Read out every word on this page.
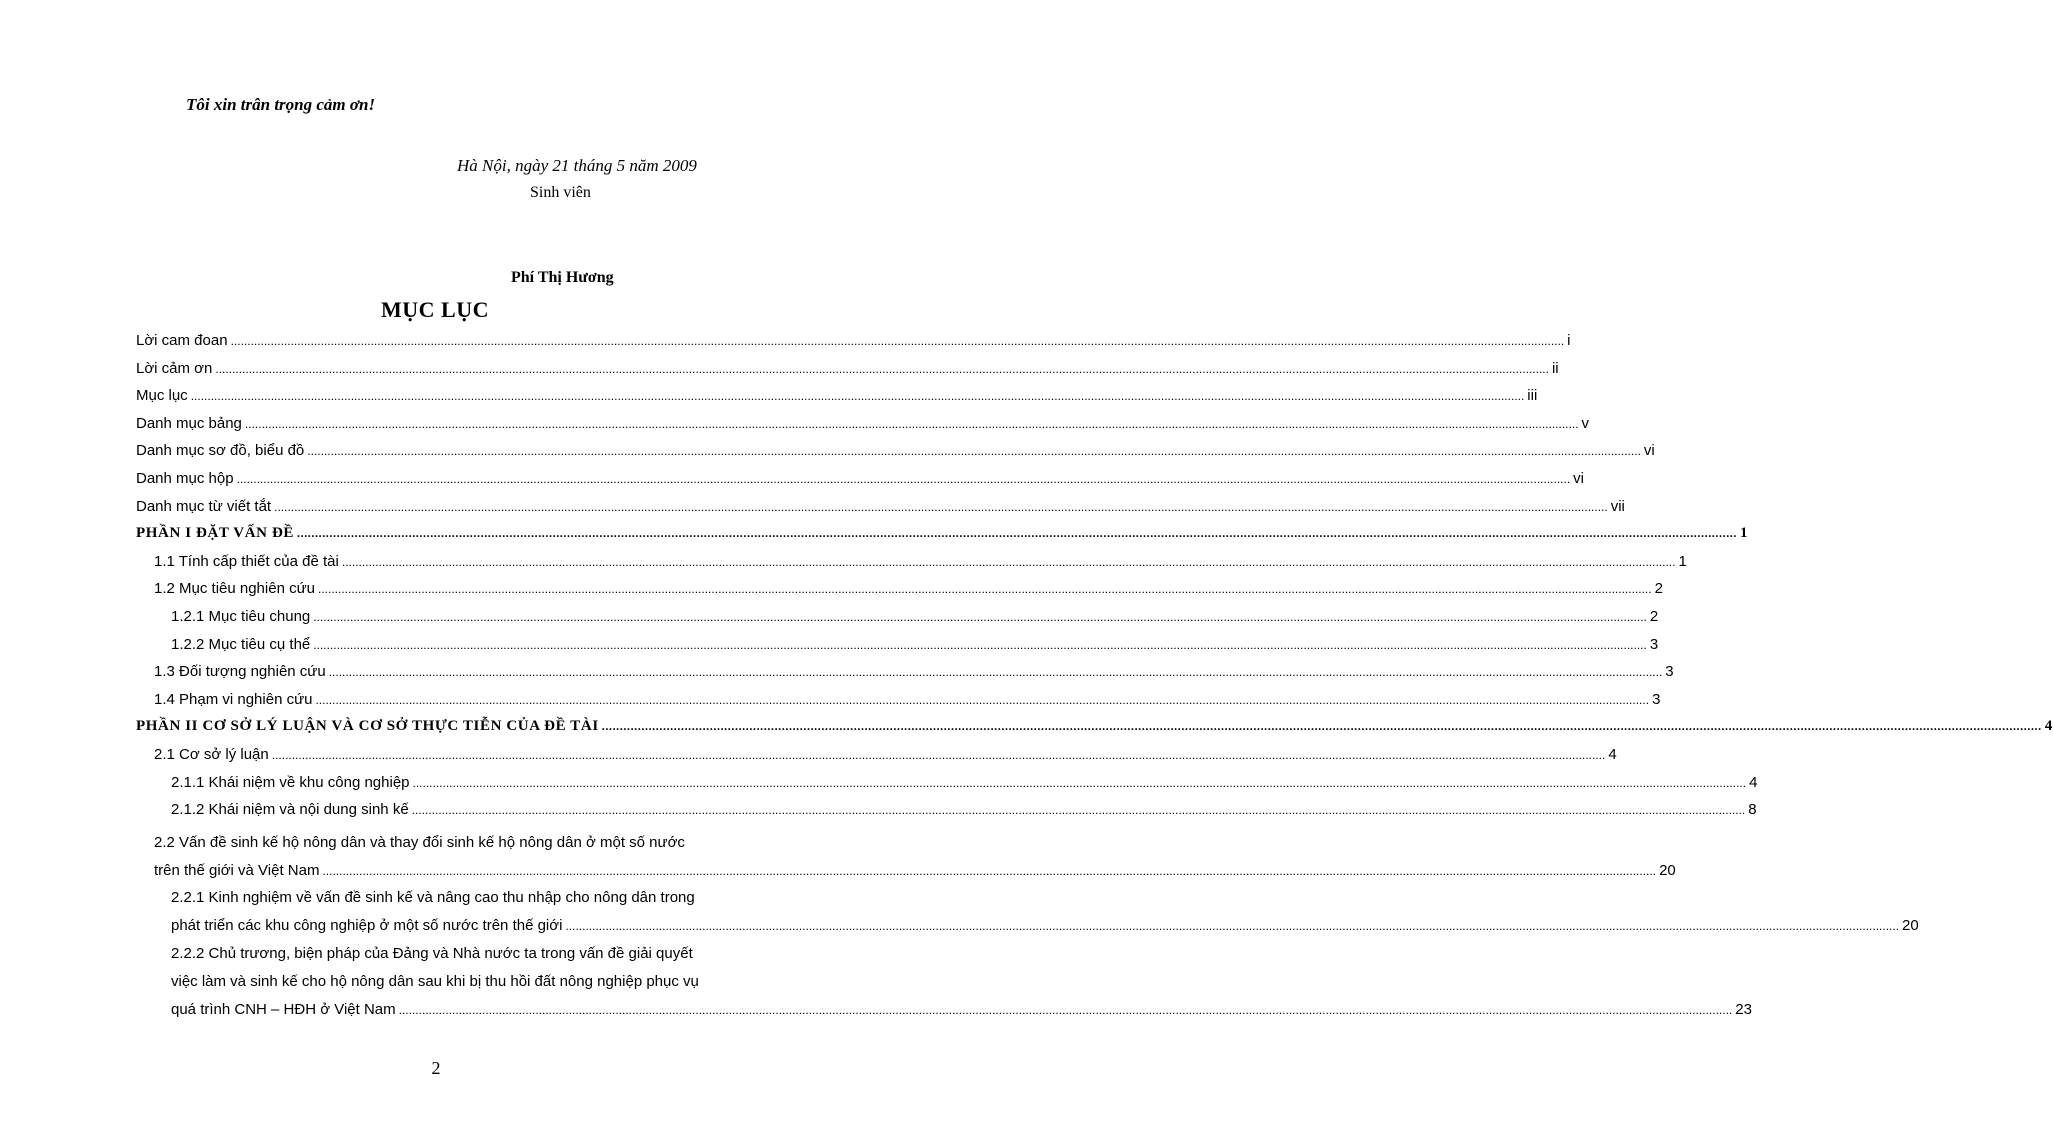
Tôi xin trân trọng cảm ơn!
Hà Nội, ngày 21 tháng 5 năm 2009
Sinh viên
Phí Thị Hương
MỤC LỤC
Lời cam đoan ................................................................................................................................................................................................................................................................................................................................................................................................................ i
Lời cảm ơn ................................................................................................................................................................................................................................................................................................................................................................................................................ ii
Mục lục ................................................................................................................................................................................................................................................................................................................................................................................................................ iii
Danh mục bảng ................................................................................................................................................................................................................................................................................................................................................................................................................ v
Danh mục sơ đồ, biểu đồ ................................................................................................................................................................................................................................................................................................................................................................................................................ vi
Danh mục hộp ................................................................................................................................................................................................................................................................................................................................................................................................................ vi
Danh mục từ viết tắt ................................................................................................................................................................................................................................................................................................................................................................................................................ vii
PHẦN I ĐẶT VẤN ĐỀ ................................................................................................................................................................................................................................................................................................................................................................................................................ 1
1.1 Tính cấp thiết của đề tài ................................................................................................................................................................................................................................................................................................................................................................................................................ 1
1.2 Mục tiêu nghiên cứu ................................................................................................................................................................................................................................................................................................................................................................................................................ 2
1.2.1 Mục tiêu chung ................................................................................................................................................................................................................................................................................................................................................................................................................ 2
1.2.2 Mục tiêu cụ thể ................................................................................................................................................................................................................................................................................................................................................................................................................ 3
1.3 Đối tượng nghiên cứu ................................................................................................................................................................................................................................................................................................................................................................................................................ 3
1.4 Phạm vi nghiên cứu ................................................................................................................................................................................................................................................................................................................................................................................................................ 3
PHẦN II CƠ SỞ LÝ LUẬN VÀ CƠ SỞ THỰC TIỄN CỦA ĐỀ TÀI ................................................................................................................................................................................................................................................................................................................................................................................................................ 4
2.1 Cơ sở lý luận ................................................................................................................................................................................................................................................................................................................................................................................................................ 4
2.1.1 Khái niệm về khu công nghiệp ................................................................................................................................................................................................................................................................................................................................................................................................................ 4
2.1.2 Khái niệm và nội dung sinh kế ................................................................................................................................................................................................................................................................................................................................................................................................................ 8
2.2 Vấn đề sinh kế hộ nông dân và thay đổi sinh kế hộ nông dân ở một số nước
trên thế giới và Việt Nam ................................................................................................................................................................................................................................................................................................................................................................................................................ 20
2.2.1 Kinh nghiệm về vấn đề sinh kế và nâng cao thu nhập cho nông dân trong
phát triển các khu công nghiệp ở một số nước trên thế giới ................................................................................................................................................................................................................................................................................................................................................................................................................ 20
2.2.2 Chủ trương, biện pháp của Đảng và Nhà nước ta trong vấn đề giải quyết
việc làm và sinh kế cho hộ nông dân sau khi bị thu hồi đất nông nghiệp phục vụ
quá trình CNH – HĐH ở Việt Nam ................................................................................................................................................................................................................................................................................................................................................................................................................ 23
2
